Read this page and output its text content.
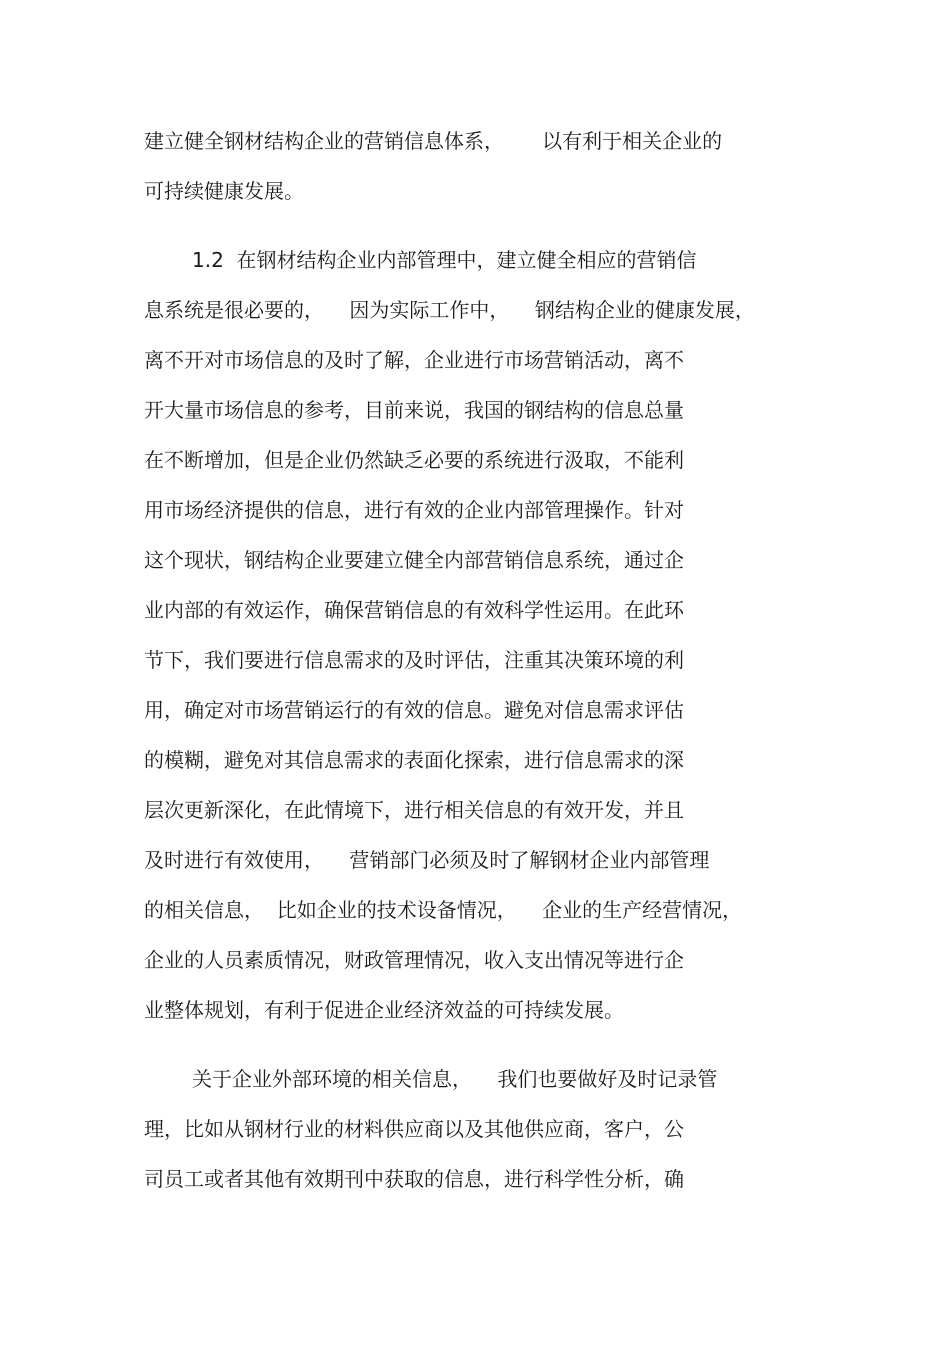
建立健全钢材结构企业的营销信息体系，      以有利于相关企业的
可持续健康发展。
1.2  在钢材结构企业内部管理中，建立健全相应的营销信
息系统是很必要的，    因为实际工作中，    钢结构企业的健康发展，
离不开对市场信息的及时了解，企业进行市场营销活动，离不
开大量市场信息的参考，目前来说，我国的钢结构的信息总量
在不断增加，但是企业仍然缺乏必要的系统进行汲取，不能利
用市场经济提供的信息，进行有效的企业内部管理操作。针对
这个现状，钢结构企业要建立健全内部营销信息系统，通过企
业内部的有效运作，确保营销信息的有效科学性运用。在此环
节下，我们要进行信息需求的及时评估，注重其决策环境的利
用，确定对市场营销运行的有效的信息。避免对信息需求评估
的模糊，避免对其信息需求的表面化探索，进行信息需求的深
层次更新深化，在此情境下，进行相关信息的有效开发，并且
及时进行有效使用，    营销部门必须及时了解钢材企业内部管理
的相关信息，  比如企业的技术设备情况，    企业的生产经营情况，
企业的人员素质情况，财政管理情况，收入支出情况等进行企
业整体规划，有利于促进企业经济效益的可持续发展。
关于企业外部环境的相关信息，    我们也要做好及时记录管
理，比如从钢材行业的材料供应商以及其他供应商，客户，公
司员工或者其他有效期刊中获取的信息，进行科学性分析，确
